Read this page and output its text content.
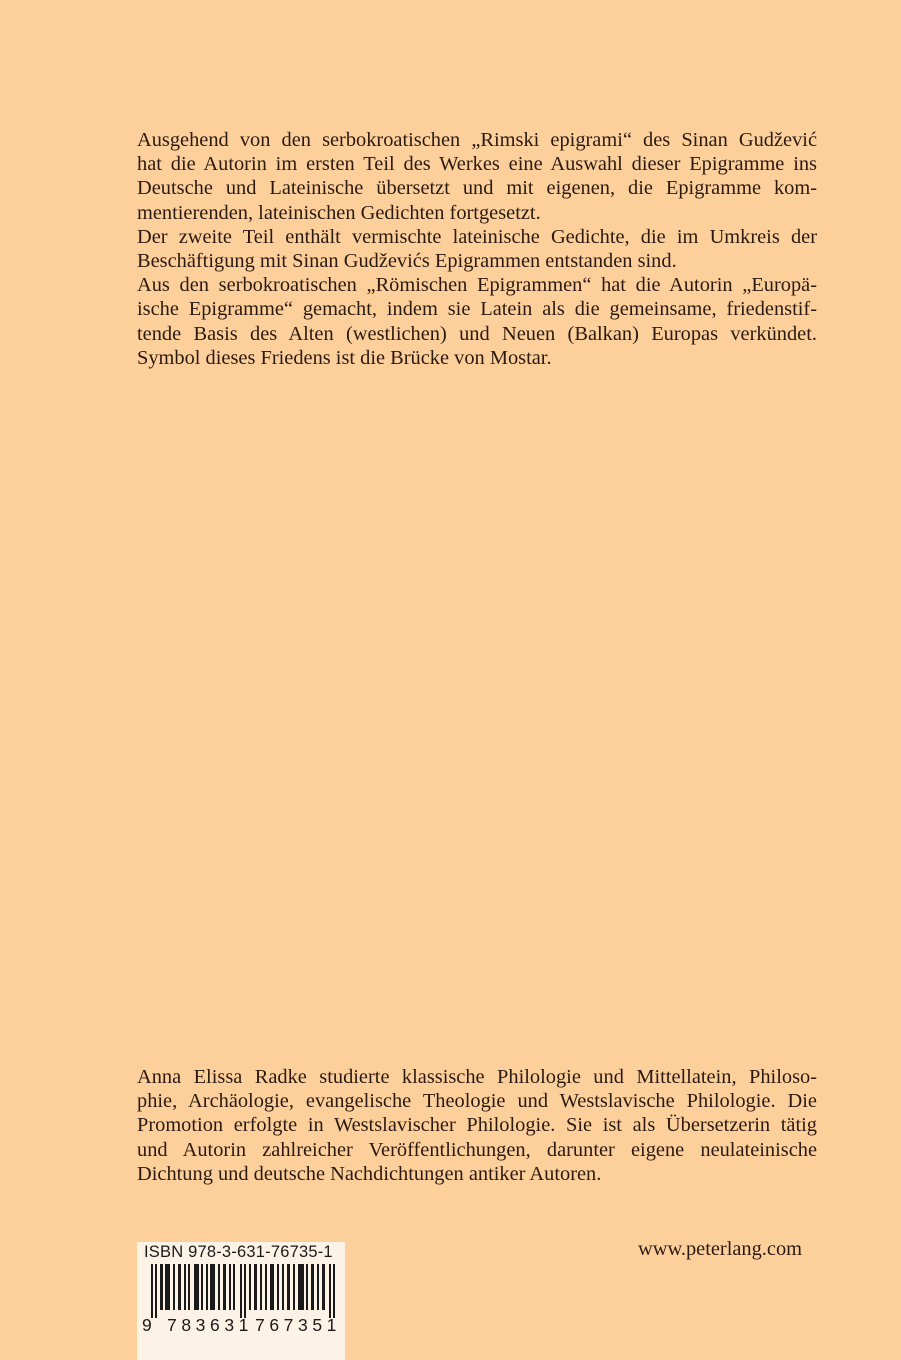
Ausgehend von den serbokroatischen „Rimski epigrami“ des Sinan Gudžević
hat die Autorin im ersten Teil des Werkes eine Auswahl dieser Epigramme ins
Deutsche und Lateinische übersetzt und mit eigenen, die Epigramme kom-
mentierenden, lateinischen Gedichten fortgesetzt.
Der zweite Teil enthält vermischte lateinische Gedichte, die im Umkreis der
Beschäftigung mit Sinan Gudževićs Epigrammen entstanden sind.
Aus den serbokroatischen „Römischen Epigrammen“ hat die Autorin „Europä-
ische Epigramme“ gemacht, indem sie Latein als die gemeinsame, friedenstif-
tende Basis des Alten (westlichen) und Neuen (Balkan) Europas verkündet.
Symbol dieses Friedens ist die Brücke von Mostar.
Anna Elissa Radke studierte klassische Philologie und Mittellatein, Philoso-
phie, Archäologie, evangelische Theologie und Westslavische Philologie. Die
Promotion erfolgte in Westslavischer Philologie. Sie ist als Übersetzerin tätig
und Autorin zahlreicher Veröffentlichungen, darunter eigene neulateinische
Dichtung und deutsche Nachdichtungen antiker Autoren.
ISBN 978-3-631-76735-1
9 783631 767351
www.peterlang.com
